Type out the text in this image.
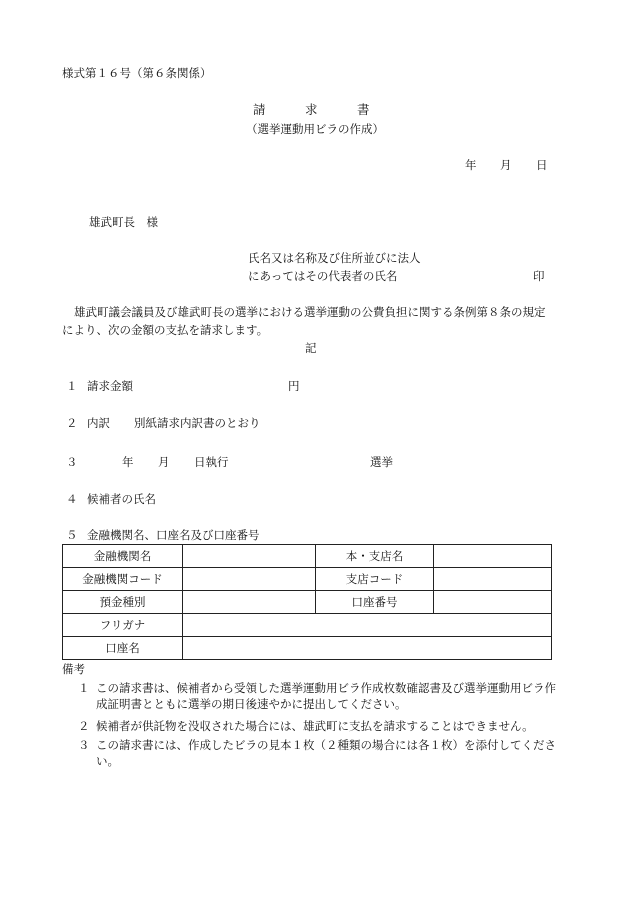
様式第１６号（第６条関係）
請	求	書
（選挙運動用ビラの作成）
年 月 日
雄武町長　様
氏名又は名称及び住所並びに法人
にあってはその代表者の氏名	印
雄武町議会議員及び雄武町長の選挙における選挙運動の公費負担に関する条例第８条の規定
により、次の金額の支払を請求します。
記
１ 請求金額	円
２ 内訳 別紙請求内訳書のとおり
３	年 月 日執行	選挙
４ 候補者の氏名
５ 金融機関名、口座名及び口座番号
金融機関名		本・支店名	
金融機関コード		支店コード	
預金種別		口座番号	
フリガナ			
口座名			
備考
１ この請求書は、候補者から受領した選挙運動用ビラ作成枚数確認書及び選挙運動用ビラ作成証明書とともに選挙の期日後速やかに提出してください。
２ 候補者が供託物を没収された場合には、雄武町に支払を請求することはできません。
３ この請求書には、作成したビラの見本１枚（２種類の場合には各１枚）を添付してください。
